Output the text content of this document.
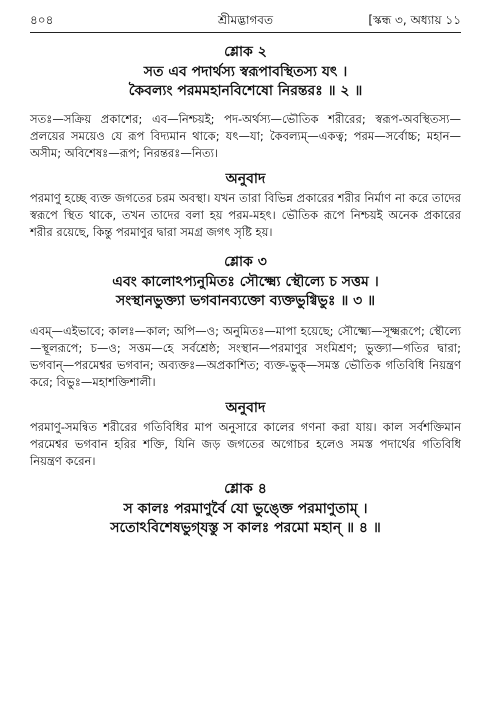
৪০৪	শ্রীমদ্ভাগবত	[স্কন্ধ ৩, অধ্যায় ১১
শ্লোক ২
সত এব পদার্থস্য স্বরূপাবস্থিতস্য যৎ ।
কৈবল্যং পরমমহানবিশেষো নিরন্তরঃ ॥ ২ ॥

সতঃ—সক্রিয় প্রকাশের; এব—নিশ্চয়ই; পদ-অর্থস্য—ভৌতিক শরীরের; স্বরূপ-অবস্থিতস্য—প্রলয়ের সময়েও যে রূপ বিদ্যমান থাকে; যৎ—যা; কৈবল্যম্—একত্ব; পরম—সর্বোচ্চ; মহান—অসীম; অবিশেষঃ—রূপ; নিরন্তরঃ—নিত্য।

অনুবাদ

পরমাণু হচ্ছে ব্যক্ত জগতের চরম অবস্থা। যখন তারা বিভিন্ন প্রকারের শরীর নির্মাণ না করে তাদের স্বরূপে স্থিত থাকে, তখন তাদের বলা হয় পরম-মহৎ। ভৌতিক রূপে নিশ্চয়ই অনেক প্রকারের শরীর রয়েছে, কিন্তু পরমাণুর দ্বারা সমগ্র জগৎ সৃষ্টি হয়।

শ্লোক ৩
এবং কালোঽপ্যনুমিতঃ সৌক্ষ্ম্যে স্থৌল্যে চ সত্তম ।
সংস্থানভুক্ত্যা ভগবানব্যক্তো ব্যক্তভুগ্বিভুঃ ॥ ৩ ॥

এবম্—এইভাবে; কালঃ—কাল; অপি—ও; অনুমিতঃ—মাপা হয়েছে; সৌক্ষ্ম্যে—সূক্ষ্মরূপে; স্থৌল্যে—স্থূলরূপে; চ—ও; সত্তম—হে সর্বশ্রেষ্ঠ; সংস্থান—পরমাণুর সংমিশ্রণ; ভুক্ত্যা—গতির দ্বারা; ভগবান্—পরমেশ্বর ভগবান; অব্যক্তঃ—অপ্রকাশিত; ব্যক্ত-ভুক্—সমস্ত ভৌতিক গতিবিধি নিয়ন্ত্রণ করে; বিভুঃ—মহাশক্তিশালী।

অনুবাদ

পরমাণু-সমন্বিত শরীরের গতিবিধির মাপ অনুসারে কালের গণনা করা যায়। কাল সর্বশক্তিমান পরমেশ্বর ভগবান হরির শক্তি, যিনি জড় জগতের অগোচর হলেও সমস্ত পদার্থের গতিবিধি নিয়ন্ত্রণ করেন।

শ্লোক ৪
স কালঃ পরমাণুর্বৈ যো ভুঙ্ক্তে পরমাণুতাম্ ।
সতোঽবিশেষভুগ্‌যস্তু স কালঃ পরমো মহান্ ॥ ৪ ॥
